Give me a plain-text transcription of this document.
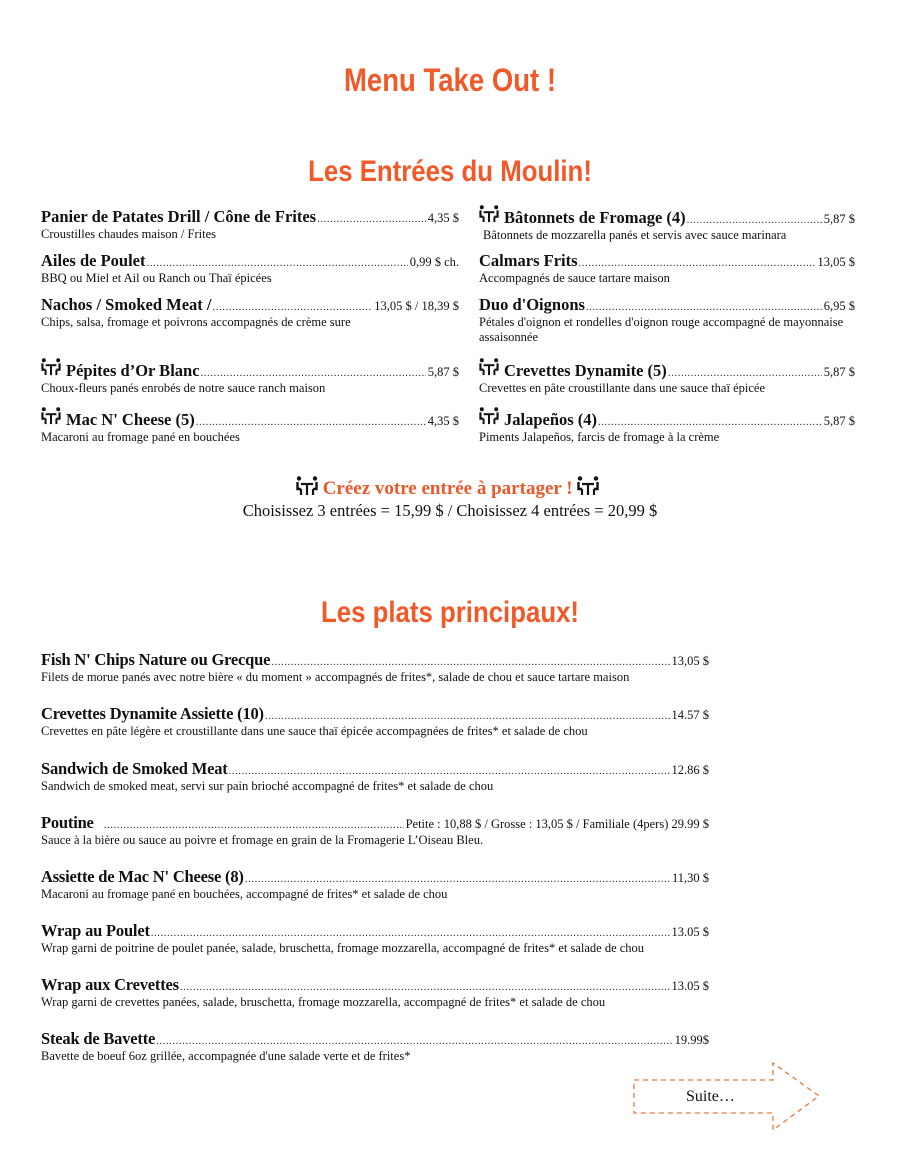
Menu Take Out !
Les Entrées du Moulin!
Panier de Patates Drill / Cône de Frites .....	4,35 $
Croustilles chaudes maison / Frites
Ailes de Poulet .....	0,99 $ ch.
BBQ ou Miel et Ail ou Ranch ou Thaï épicées
Nachos / Smoked Meat / .....	13,05 $ / 18,39 $
Chips, salsa, fromage et poivrons accompagnés de crème sure
Pépites d’Or Blanc .....	5,87 $
Choux-fleurs panés enrobés de notre sauce ranch maison
Mac N' Cheese (5) .....	4,35 $
Macaroni au fromage pané en bouchées
Bâtonnets de Fromage (4) .....	5,87 $
Bâtonnets de mozzarella panés et servis avec sauce marinara
Calmars Frits .....	13,05 $
Accompagnés de sauce tartare maison
Duo d'Oignons .....	6,95 $
Pétales d'oignon et rondelles d'oignon rouge accompagné de mayonnaise assaisonnée
Crevettes Dynamite (5) .....	5,87 $
Crevettes en pâte croustillante dans une sauce thaï épicée
Jalapeños (4) .....	5,87 $
Piments Jalapeños, farcis de fromage à la crème
Créez votre entrée à partager !
Choisissez 3 entrées = 15,99 $ / Choisissez 4 entrées = 20,99 $
Les plats principaux!
Fish N' Chips Nature ou Grecque .....	13,05 $
Filets de morue panés avec notre bière « du moment » accompagnés de frites*, salade de chou et sauce tartare maison
Crevettes Dynamite Assiette (10) .....	14.57 $
Crevettes en pâte légère et croustillante dans une sauce thaï épicée accompagnées de frites* et salade de chou
Sandwich de Smoked Meat .....	12.86 $
Sandwich de smoked meat, servi sur pain brioché accompagné de frites* et salade de chou
Poutine .....	Petite : 10,88 $ / Grosse : 13,05 $ / Familiale (4pers) 29.99 $
Sauce à la bière ou sauce au poivre et fromage en grain de la Fromagerie L’Oiseau Bleu.
Assiette de Mac N' Cheese (8) .....	11,30 $
Macaroni au fromage pané en bouchées, accompagné de frites* et salade de chou
Wrap au Poulet .....	13.05 $
Wrap garni de poitrine de poulet panée, salade, bruschetta, fromage mozzarella, accompagné de frites* et salade de chou
Wrap aux Crevettes .....	13.05 $
Wrap garni de crevettes panées, salade, bruschetta, fromage mozzarella, accompagné de frites* et salade de chou
Steak de Bavette .....	19.99$
Bavette de boeuf 6oz grillée, accompagnée d'une salade verte et de frites*
Suite…
